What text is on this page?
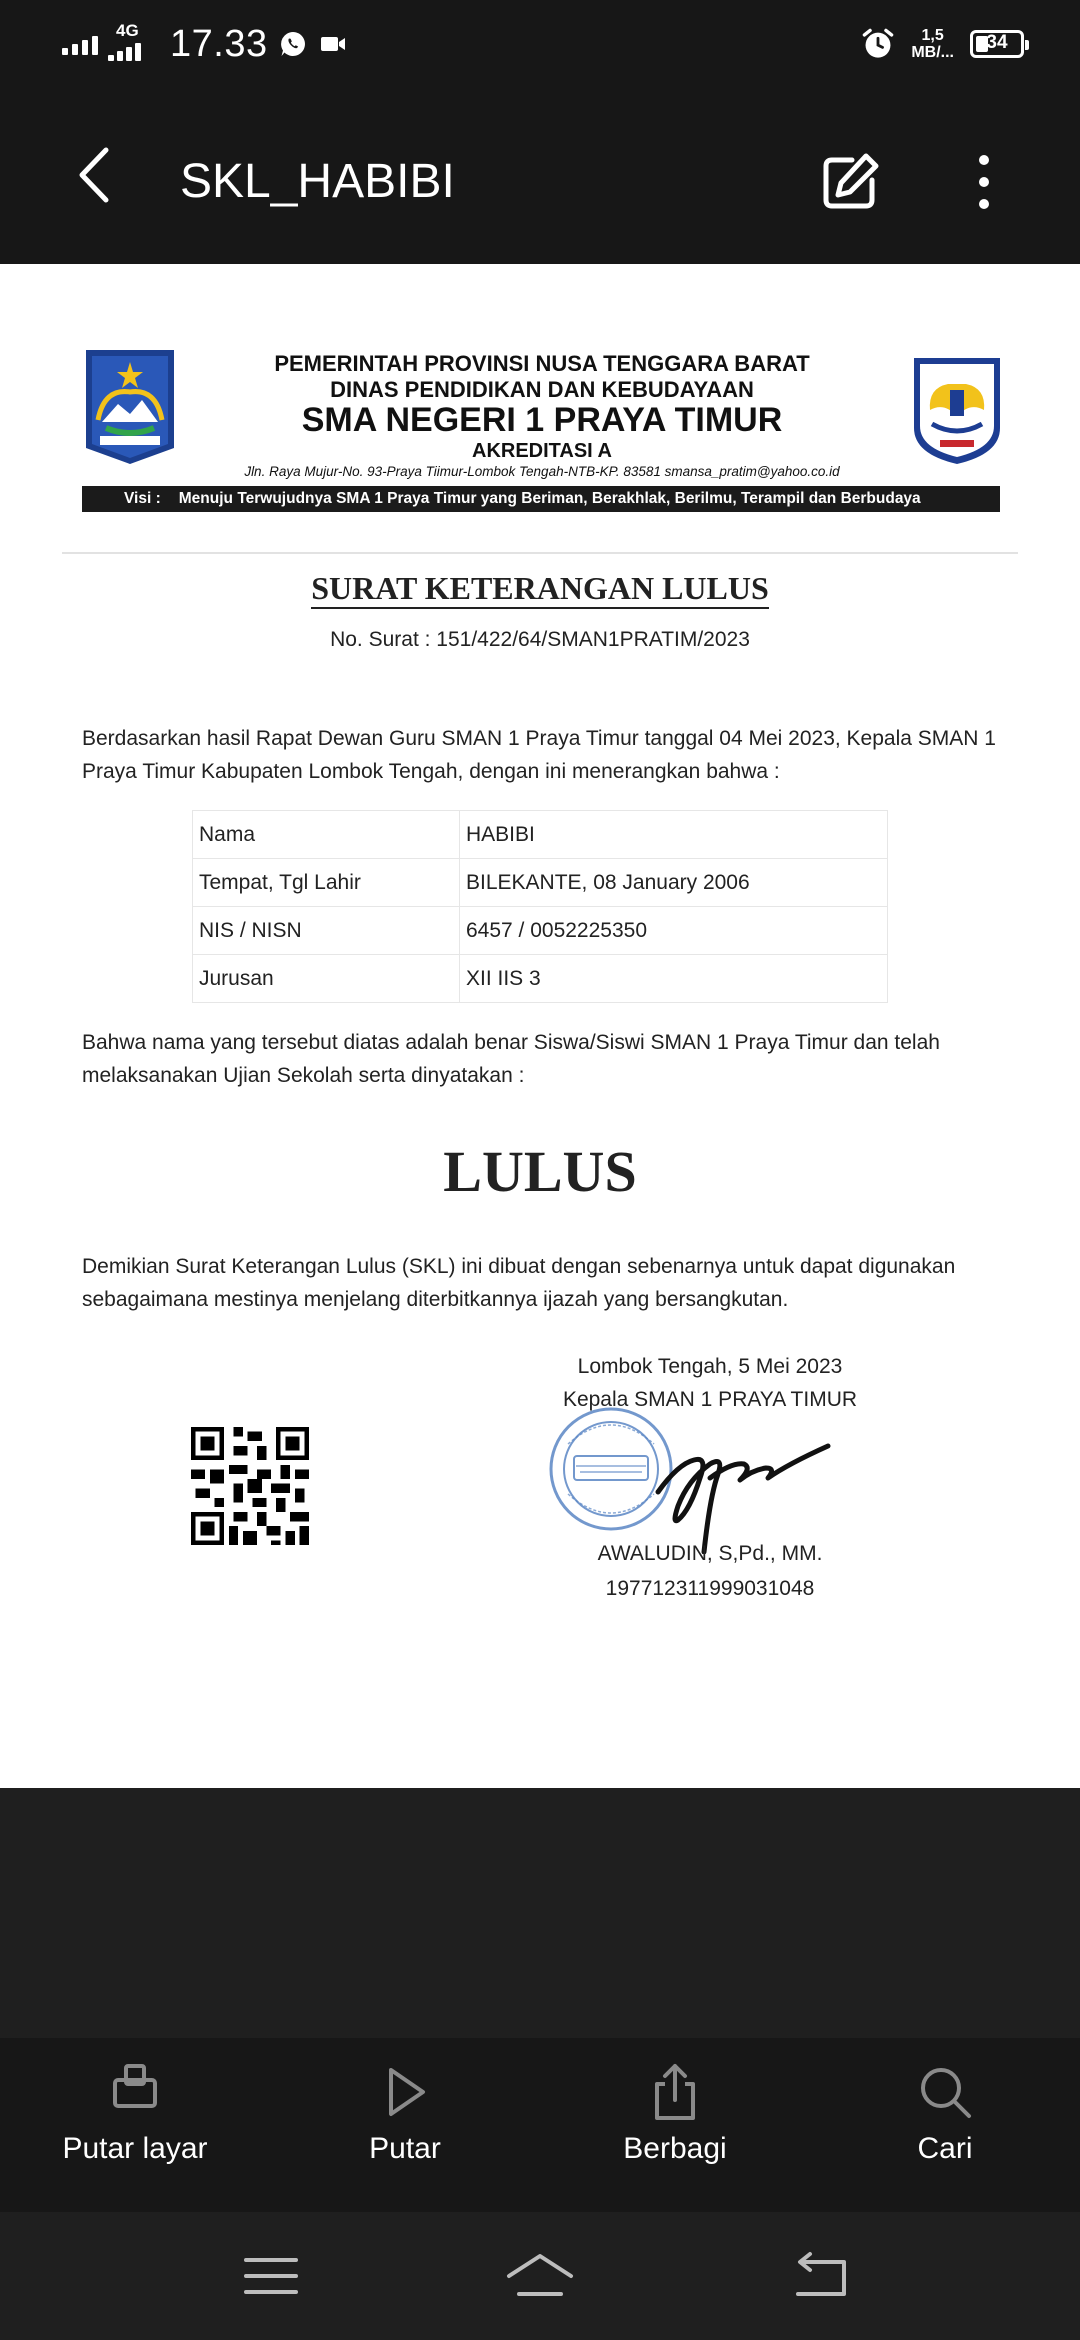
4G 17.33	1,5
MB/...	34
SKL_HABIBI
PEMERINTAH PROVINSI NUSA TENGGARA BARAT
DINAS PENDIDIKAN DAN KEBUDAYAAN
SMA NEGERI 1 PRAYA TIMUR
AKREDITASI A
Jln. Raya Mujur-No. 93-Praya Tiimur-Lombok Tengah-NTB-KP. 83581 smansa_pratim@yahoo.co.id
Visi : Menuju Terwujudnya SMA 1 Praya Timur yang Beriman, Berakhlak, Berilmu, Terampil dan Berbudaya
SURAT KETERANGAN LULUS
No. Surat : 151/422/64/SMAN1PRATIM/2023
Berdasarkan hasil Rapat Dewan Guru SMAN 1 Praya Timur tanggal 04 Mei 2023, Kepala SMAN 1 Praya Timur Kabupaten Lombok Tengah, dengan ini menerangkan bahwa :
Nama	HABIBI
Tempat, Tgl Lahir	BILEKANTE, 08 January 2006
NIS / NISN	6457 / 0052225350
Jurusan	XII IIS 3
Bahwa nama yang tersebut diatas adalah benar Siswa/Siswi SMAN 1 Praya Timur dan telah melaksanakan Ujian Sekolah serta dinyatakan :
LULUS
Demikian Surat Keterangan Lulus (SKL) ini dibuat dengan sebenarnya untuk dapat digunakan sebagaimana mestinya menjelang diterbitkannya ijazah yang bersangkutan.
Lombok Tengah, 5 Mei 2023
Kepala SMAN 1 PRAYA TIMUR
AWALUDIN, S,Pd., MM.
197712311999031048
Putar layar	Putar	Berbagi	Cari
